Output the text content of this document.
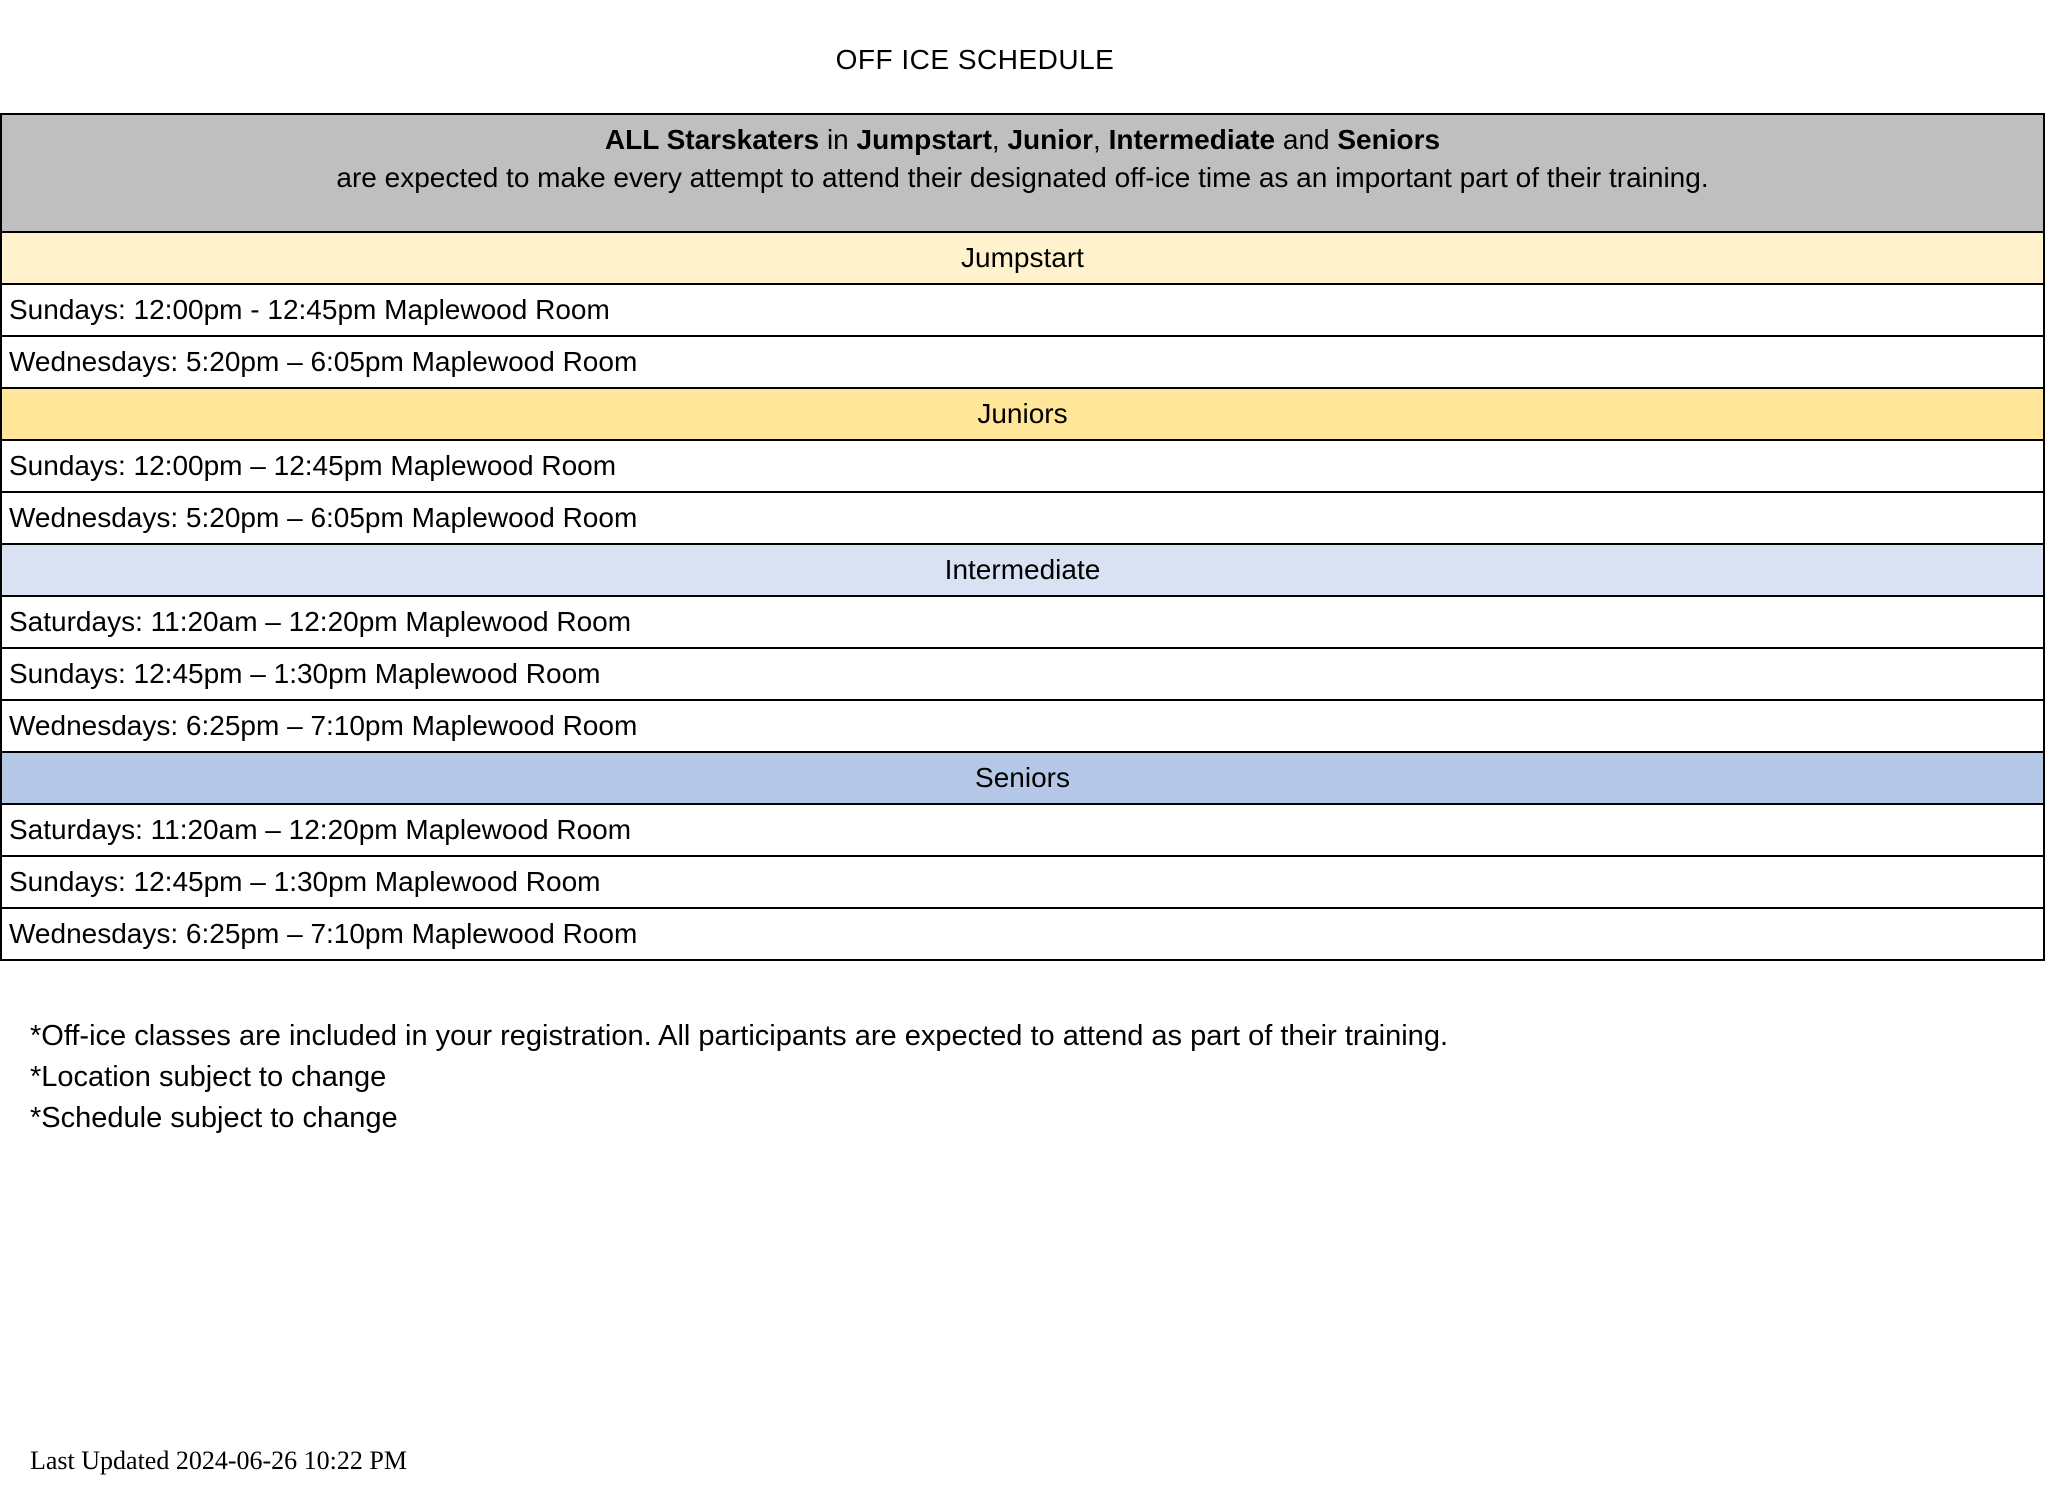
OFF ICE SCHEDULE
ALL Starskaters in Jumpstart, Junior, Intermediate and Seniors
are expected to make every attempt to attend their designated off-ice time as an important part of their training.

Jumpstart
Sundays: 12:00pm - 12:45pm Maplewood Room
Wednesdays: 5:20pm – 6:05pm Maplewood Room
Juniors
Sundays: 12:00pm – 12:45pm Maplewood Room
Wednesdays: 5:20pm – 6:05pm Maplewood Room
Intermediate
Saturdays: 11:20am – 12:20pm Maplewood Room
Sundays: 12:45pm – 1:30pm Maplewood Room
Wednesdays: 6:25pm – 7:10pm Maplewood Room
Seniors
Saturdays: 11:20am – 12:20pm Maplewood Room
Sundays: 12:45pm – 1:30pm Maplewood Room
Wednesdays: 6:25pm – 7:10pm Maplewood Room
*Off-ice classes are included in your registration. All participants are expected to attend as part of their training.
*Location subject to change
*Schedule subject to change
Last Updated 2024-06-26 10:22 PM
